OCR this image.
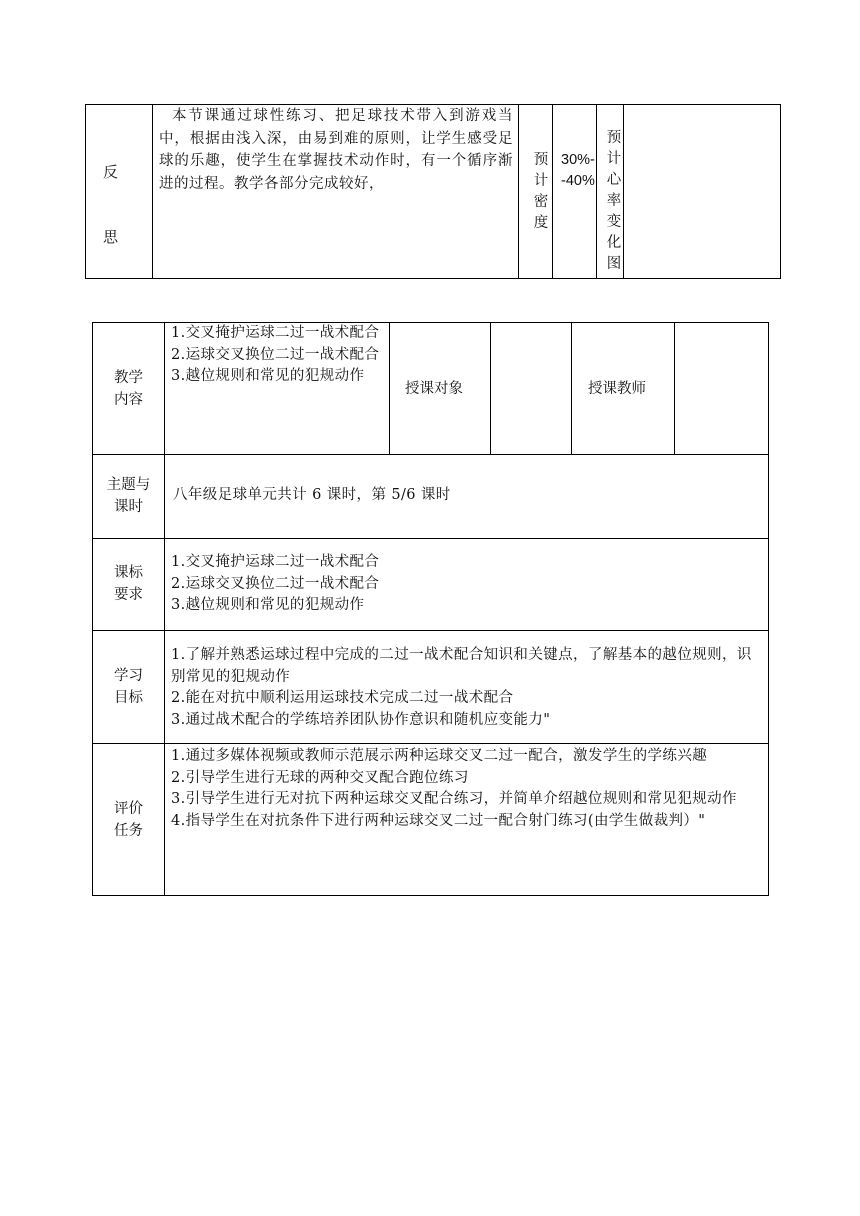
反
思
本节课通过球性练习、把足球技术带入到游戏当中，根据由浅入深，由易到难的原则，让学生感受足球的乐趣，使学生在掌握技术动作时，有一个循序渐进的过程。教学各部分完成较好，
预计密度
30%--40%
预计心率变化图
教学内容
1.交叉掩护运球二过一战术配合
2.运球交叉换位二过一战术配合
3.越位规则和常见的犯规动作
授课对象	授课教师
主题与课时
八年级足球单元共计 6 课时，第 5/6 课时
课标要求
1.交叉掩护运球二过一战术配合
2.运球交叉换位二过一战术配合
3.越位规则和常见的犯规动作
学习目标
1.了解并熟悉运球过程中完成的二过一战术配合知识和关键点，了解基本的越位规则，识别常见的犯规动作
2.能在对抗中顺利运用运球技术完成二过一战术配合
3.通过战术配合的学练培养团队协作意识和随机应变能力"
评价任务
1.通过多媒体视频或教师示范展示两种运球交叉二过一配合，激发学生的学练兴趣
2.引导学生进行无球的两种交叉配合跑位练习
3.引导学生进行无对抗下两种运球交叉配合练习，并简单介绍越位规则和常见犯规动作
4.指导学生在对抗条件下进行两种运球交叉二过一配合射门练习(由学生做裁判）"
